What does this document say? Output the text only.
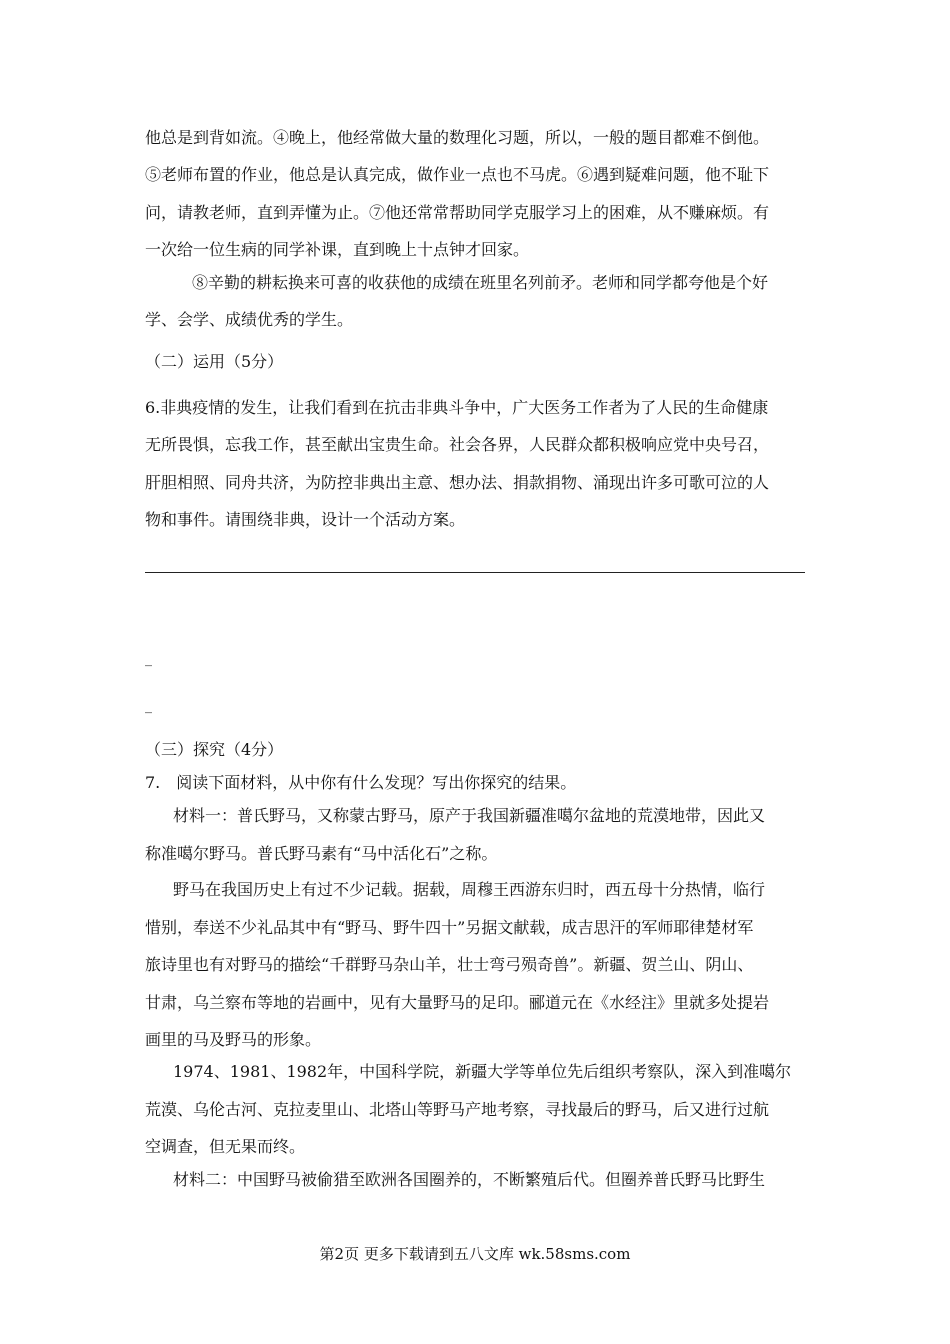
他总是到背如流。④晚上，他经常做大量的数理化习题，所以，一般的题目都难不倒他。
⑤老师布置的作业，他总是认真完成，做作业一点也不马虎。⑥遇到疑难问题，他不耻下
问，请教老师，直到弄懂为止。⑦他还常常帮助同学克服学习上的困难，从不赚麻烦。有
一次给一位生病的同学补课，直到晚上十点钟才回家。
⑧辛勤的耕耘换来可喜的收获他的成绩在班里名列前矛。老师和同学都夸他是个好
学、会学、成绩优秀的学生。
（二）运用（5分）
6.非典疫情的发生，让我们看到在抗击非典斗争中，广大医务工作者为了人民的生命健康
无所畏惧，忘我工作，甚至献出宝贵生命。社会各界，人民群众都积极响应党中央号召，
肝胆相照、同舟共济，为防控非典出主意、想办法、捐款捐物、涌现出许多可歌可泣的人
物和事件。请围绕非典，设计一个活动方案。
_
_
（三）探究（4分）
7.　阅读下面材料，从中你有什么发现？写出你探究的结果。
材料一：普氏野马，又称蒙古野马，原产于我国新疆准噶尔盆地的荒漠地带，因此又
称准噶尔野马。普氏野马素有“马中活化石”之称。
野马在我国历史上有过不少记载。据载，周穆王西游东归时，西五母十分热情，临行
惜别，奉送不少礼品其中有“野马、野牛四十”另据文献载，成吉思汗的军师耶律楚材军
旅诗里也有对野马的描绘“千群野马杂山羊，壮士弯弓殒奇兽”。新疆、贺兰山、阴山、
甘肃，乌兰察布等地的岩画中，见有大量野马的足印。郦道元在《水经注》里就多处提岩
画里的马及野马的形象。
1974、1981、1982年，中国科学院，新疆大学等单位先后组织考察队，深入到准噶尔
荒漠、乌伦古河、克拉麦里山、北塔山等野马产地考察，寻找最后的野马，后又进行过航
空调查，但无果而终。
材料二：中国野马被偷猎至欧洲各国圈养的，不断繁殖后代。但圈养普氏野马比野生
第2页 更多下载请到五八文库 wk.58sms.com
